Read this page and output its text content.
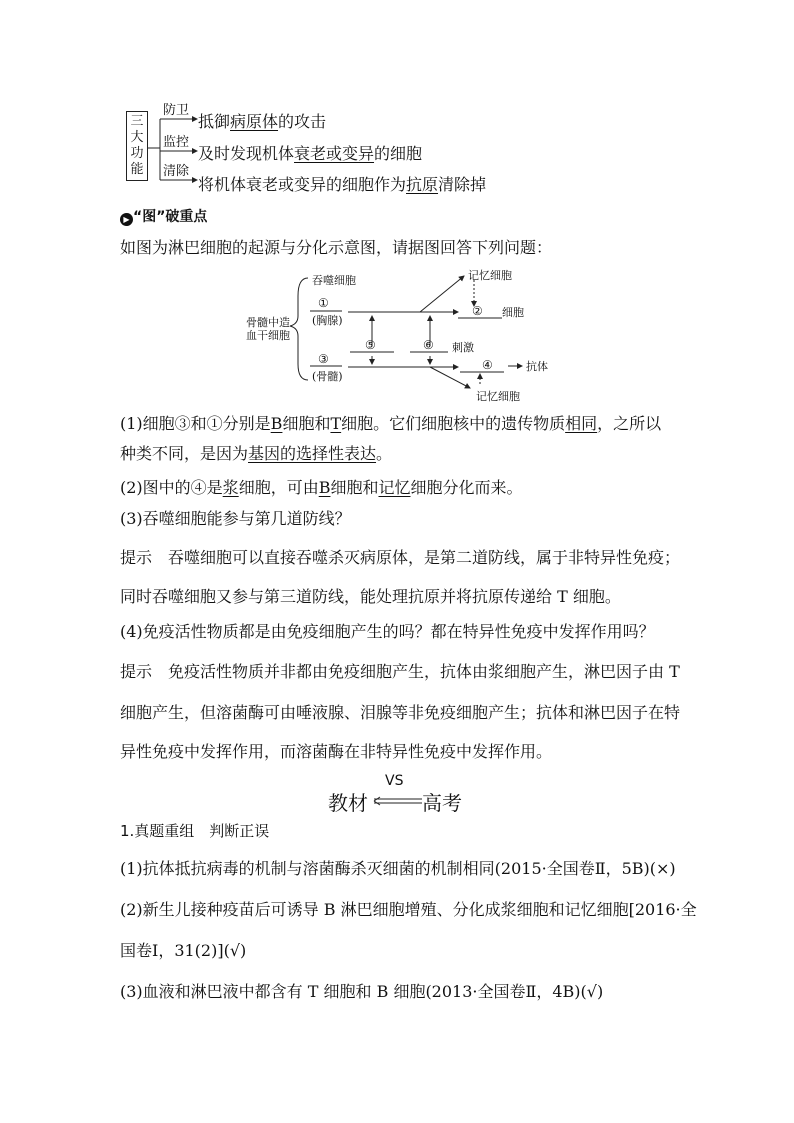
三
大
功
能
防卫
监控
清除
抵御病原体的攻击
及时发现机体衰老或变异的细胞
将机体衰老或变异的细胞作为抗原清除掉
▶ “图”破重点
如图为淋巴细胞的起源与分化示意图，请据图回答下列问题：
骨髓中造
血干细胞
吞噬细胞
①
(胸腺)
③
(骨髓)
② 细胞
④	抗体
⑤	⑥ 刺激
记忆细胞
记忆细胞
(1)细胞③和①分别是B细胞和T细胞。它们细胞核中的遗传物质相同，之所以
种类不同，是因为基因的选择性表达。
(2)图中的④是浆细胞，可由B细胞和记忆细胞分化而来。
(3)吞噬细胞能参与第几道防线？
提示　吞噬细胞可以直接吞噬杀灭病原体，是第二道防线，属于非特异性免疫；
同时吞噬细胞又参与第三道防线，能处理抗原并将抗原传递给 T 细胞。
(4)免疫活性物质都是由免疫细胞产生的吗？都在特异性免疫中发挥作用吗？
提示　免疫活性物质并非都由免疫细胞产生，抗体由浆细胞产生，淋巴因子由 T
细胞产生，但溶菌酶可由唾液腺、泪腺等非免疫细胞产生；抗体和淋巴因子在特
异性免疫中发挥作用，而溶菌酶在非特异性免疫中发挥作用。
教材
VS
高考
1.真题重组　判断正误
(1)抗体抵抗病毒的机制与溶菌酶杀灭细菌的机制相同(2015·全国卷Ⅱ，5B)(×)
(2)新生儿接种疫苗后可诱导 B 淋巴细胞增殖、分化成浆细胞和记忆细胞[2016·全
国卷Ⅰ，31(2)](√)
(3)血液和淋巴液中都含有 T 细胞和 B 细胞(2013·全国卷Ⅱ，4B)(√)
